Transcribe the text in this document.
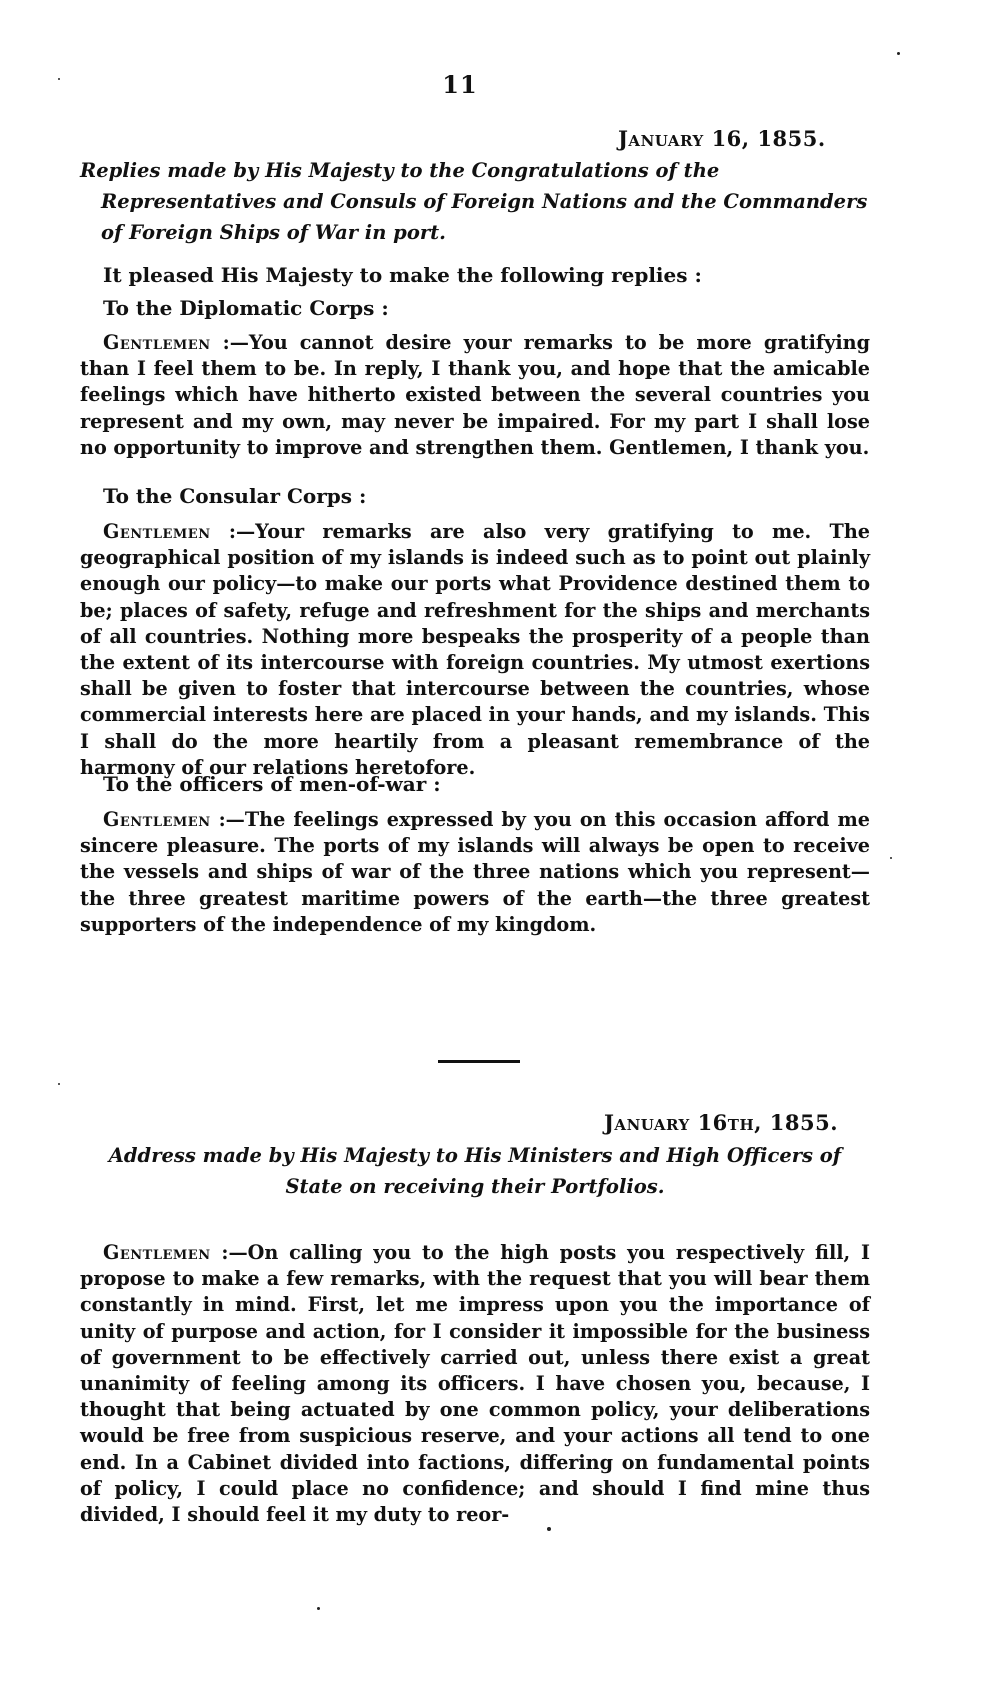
11
January 16, 1855.
Replies made by His Majesty to the Congratulations of the Representatives and Consuls of Foreign Nations and the Commanders of Foreign Ships of War in port.
It pleased His Majesty to make the following replies :
To the Diplomatic Corps :
Gentlemen :—You cannot desire your remarks to be more gratifying than I feel them to be. In reply, I thank you, and hope that the amicable feelings which have hitherto existed between the several countries you represent and my own, may never be impaired. For my part I shall lose no opportunity to improve and strengthen them. Gentlemen, I thank you.
To the Consular Corps :
Gentlemen :—Your remarks are also very gratifying to me. The geographical position of my islands is indeed such as to point out plainly enough our policy—to make our ports what Providence destined them to be; places of safety, refuge and refreshment for the ships and merchants of all countries. Nothing more bespeaks the prosperity of a people than the extent of its intercourse with foreign countries. My utmost exertions shall be given to foster that intercourse between the countries, whose commercial interests here are placed in your hands, and my islands. This I shall do the more heartily from a pleasant remembrance of the harmony of our relations heretofore.
To the officers of men-of-war :
Gentlemen :—The feelings expressed by you on this occasion afford me sincere pleasure. The ports of my islands will always be open to receive the vessels and ships of war of the three nations which you represent—the three greatest maritime powers of the earth—the three greatest supporters of the independence of my kingdom.
January 16th, 1855.
Address made by His Majesty to His Ministers and High Officers of State on receiving their Portfolios.
Gentlemen :—On calling you to the high posts you respectively fill, I propose to make a few remarks, with the request that you will bear them constantly in mind. First, let me impress upon you the importance of unity of purpose and action, for I consider it impossible for the business of government to be effectively carried out, unless there exist a great unanimity of feeling among its officers. I have chosen you, because, I thought that being actuated by one common policy, your deliberations would be free from suspicious reserve, and your actions all tend to one end. In a Cabinet divided into factions, differing on fundamental points of policy, I could place no confidence; and should I find mine thus divided, I should feel it my duty to reor-
